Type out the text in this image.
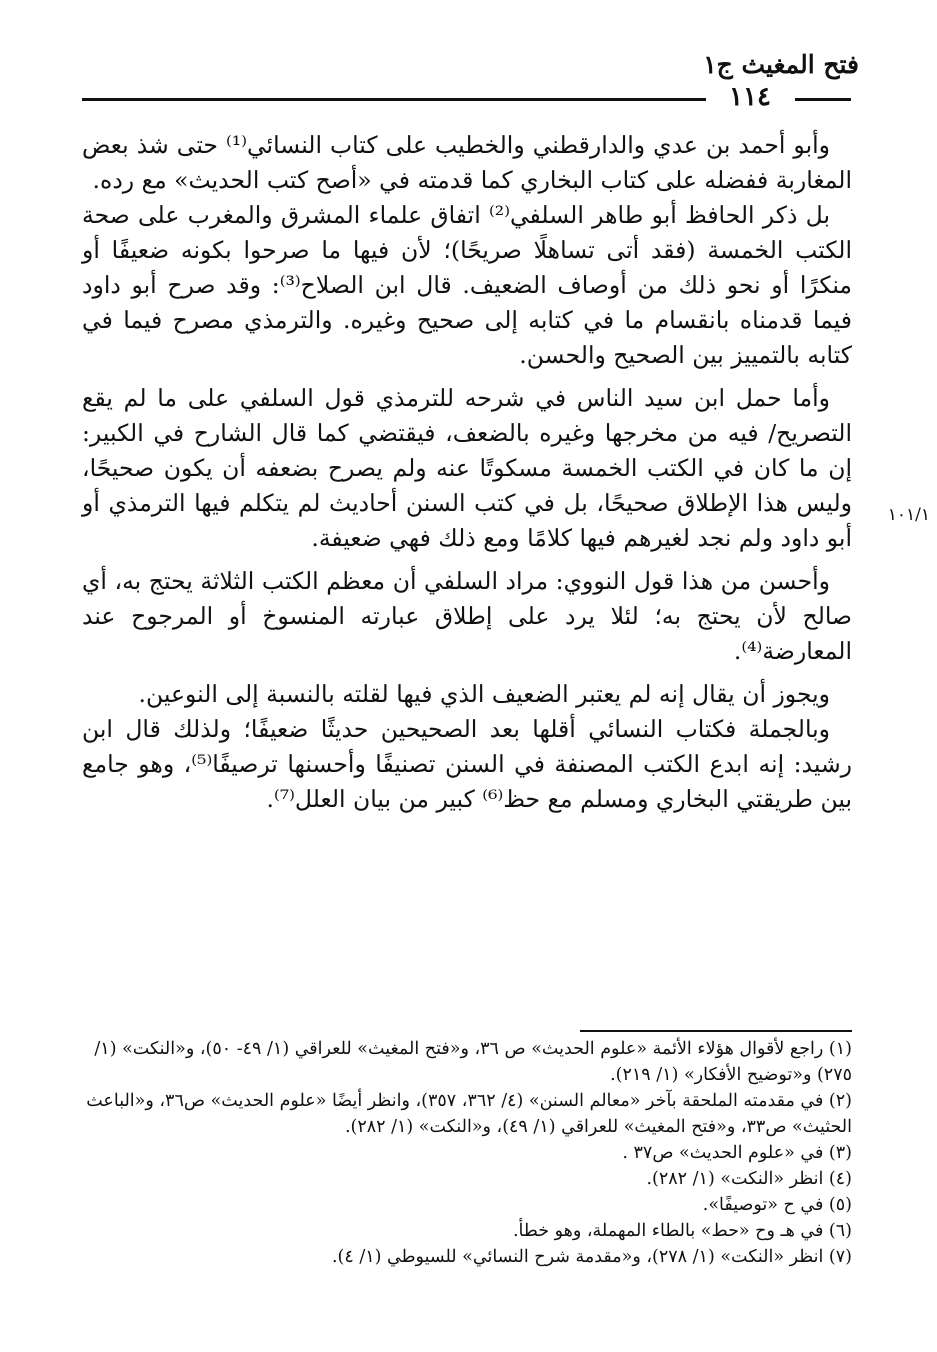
فتح المغيث ج١
١١٤
١٠١/١

وأبو أحمد بن عدي والدارقطني والخطيب على كتاب النسائي⁽¹⁾ حتى شذ بعض المغاربة ففضله على كتاب البخاري كما قدمته في «أصح كتب الحديث» مع رده.

بل ذكر الحافظ أبو طاهر السلفي⁽²⁾ اتفاق علماء المشرق والمغرب على صحة الكتب الخمسة (فقد أتى تساهلًا صريحًا)؛ لأن فيها ما صرحوا بكونه ضعيفًا أو منكرًا أو نحو ذلك من أوصاف الضعيف. قال ابن الصلاح⁽³⁾: وقد صرح أبو داود فيما قدمناه بانقسام ما في كتابه إلى صحيح وغيره. والترمذي مصرح فيما في كتابه بالتمييز بين الصحيح والحسن.

وأما حمل ابن سيد الناس في شرحه للترمذي قول السلفي على ما لم يقع التصريح/ فيه من مخرجها وغيره بالضعف، فيقتضي كما قال الشارح في الكبير: إن ما كان في الكتب الخمسة مسكوتًا عنه ولم يصرح بضعفه أن يكون صحيحًا، وليس هذا الإطلاق صحيحًا، بل في كتب السنن أحاديث لم يتكلم فيها الترمذي أو أبو داود ولم نجد لغيرهم فيها كلامًا ومع ذلك فهي ضعيفة.

وأحسن من هذا قول النووي: مراد السلفي أن معظم الكتب الثلاثة يحتج به، أي صالح لأن يحتج به؛ لئلا يرد على إطلاق عبارته المنسوخ أو المرجوح عند المعارضة⁽⁴⁾.

ويجوز أن يقال إنه لم يعتبر الضعيف الذي فيها لقلته بالنسبة إلى النوعين.

وبالجملة فكتاب النسائي أقلها بعد الصحيحين حديثًا ضعيفًا؛ ولذلك قال ابن رشيد: إنه ابدع الكتب المصنفة في السنن تصنيفًا وأحسنها ترصيفًا⁽⁵⁾، وهو جامع بين طريقتي البخاري ومسلم مع حظ⁽⁶⁾ كبير من بيان العلل⁽⁷⁾.

(١) راجع لأقوال هؤلاء الأئمة «علوم الحديث» ص ٣٦، و«فتح المغيث» للعراقي (١/ ٤٩- ٥٠)، و«النكت» (١/ ٢٧٥) و«توضيح الأفكار» (١/ ٢١٩).

(٢) في مقدمته الملحقة بآخر «معالم السنن» (٤/ ٣٦٢، ٣٥٧)، وانظر أيضًا «علوم الحديث» ص٣٦، و«الباعث الحثيث» ص٣٣، و«فتح المغيث» للعراقي (١/ ٤٩)، و«النكت» (١/ ٢٨٢).

(٣) في «علوم الحديث» ص٣٧ .

(٤) انظر «النكت» (١/ ٢٨٢).

(٥) في ح «توصيفًا».

(٦) في هـ وح «حط» بالطاء المهملة، وهو خطأ.

(٧) انظر «النكت» (١/ ٢٧٨)، و«مقدمة شرح النسائي» للسيوطي (١/ ٤).
